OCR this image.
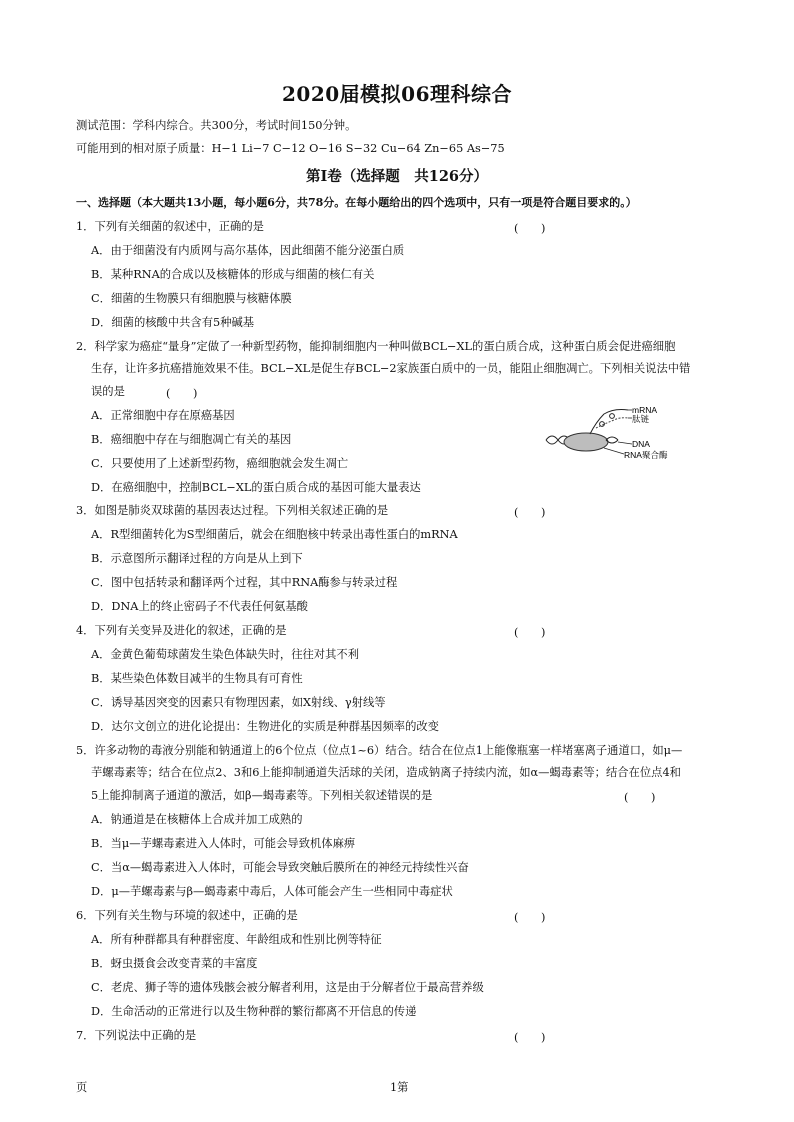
2020届模拟06理科综合
测试范围：学科内综合。共300分，考试时间150分钟。
可能用到的相对原子质量：H−1 Li−7 C−12 O−16 S−32 Cu−64 Zn−65 As−75
第Ⅰ卷（选择题　共126分）
一、选择题（本大题共13小题，每小题6分，共78分。在每小题给出的四个选项中，只有一项是符合题目要求的。）
1．下列有关细菌的叙述中，正确的是	(　　)
A．由于细菌没有内质网与高尔基体，因此细菌不能分泌蛋白质
B．某种RNA的合成以及核糖体的形成与细菌的核仁有关
C．细菌的生物膜只有细胞膜与核糖体膜
D．细菌的核酸中共含有5种碱基
2．科学家为癌症“量身”定做了一种新型药物，能抑制细胞内一种叫做BCL−XL的蛋白质合成，这种蛋白质会促进癌细胞
生存，让许多抗癌措施效果不佳。BCL−XL是促生存BCL−2家族蛋白质中的一员，能阻止细胞凋亡。下列相关说法中错
误的是	(　　)
A．正常细胞中存在原癌基因
B．癌细胞中存在与细胞凋亡有关的基因
C．只要使用了上述新型药物，癌细胞就会发生凋亡
D．在癌细胞中，控制BCL−XL的蛋白质合成的基因可能大量表达
mRNA
肽链
DNA
RNA聚合酶
3．如图是肺炎双球菌的基因表达过程。下列相关叙述正确的是	(　　)
A．R型细菌转化为S型细菌后，就会在细胞核中转录出毒性蛋白的mRNA
B．示意图所示翻译过程的方向是从上到下
C．图中包括转录和翻译两个过程，其中RNA酶参与转录过程
D．DNA上的终止密码子不代表任何氨基酸
4．下列有关变异及进化的叙述，正确的是	(　　)
A．金黄色葡萄球菌发生染色体缺失时，往往对其不利
B．某些染色体数目减半的生物具有可育性
C．诱导基因突变的因素只有物理因素，如X射线、γ射线等
D．达尔文创立的进化论提出：生物进化的实质是种群基因频率的改变
5．许多动物的毒液分别能和钠通道上的6个位点（位点1~6）结合。结合在位点1上能像瓶塞一样堵塞离子通道口，如μ—
芋螺毒素等；结合在位点2、3和6上能抑制通道失活球的关闭，造成钠离子持续内流，如α—蝎毒素等；结合在位点4和
5上能抑制离子通道的激活，如β—蝎毒素等。下列相关叙述错误的是	(　　)
A．钠通道是在核糖体上合成并加工成熟的
B．当μ—芋螺毒素进入人体时，可能会导致机体麻痹
C．当α—蝎毒素进入人体时，可能会导致突触后膜所在的神经元持续性兴奋
D．μ—芋螺毒素与β—蝎毒素中毒后，人体可能会产生一些相同中毒症状
6．下列有关生物与环境的叙述中，正确的是	(　　)
A．所有种群都具有种群密度、年龄组成和性别比例等特征
B．蚜虫摄食会改变青菜的丰富度
C．老虎、狮子等的遗体残骸会被分解者利用，这是由于分解者位于最高营养级
D．生命活动的正常进行以及生物种群的繁衍都离不开信息的传递
7．下列说法中正确的是	(　　)
页	1第
